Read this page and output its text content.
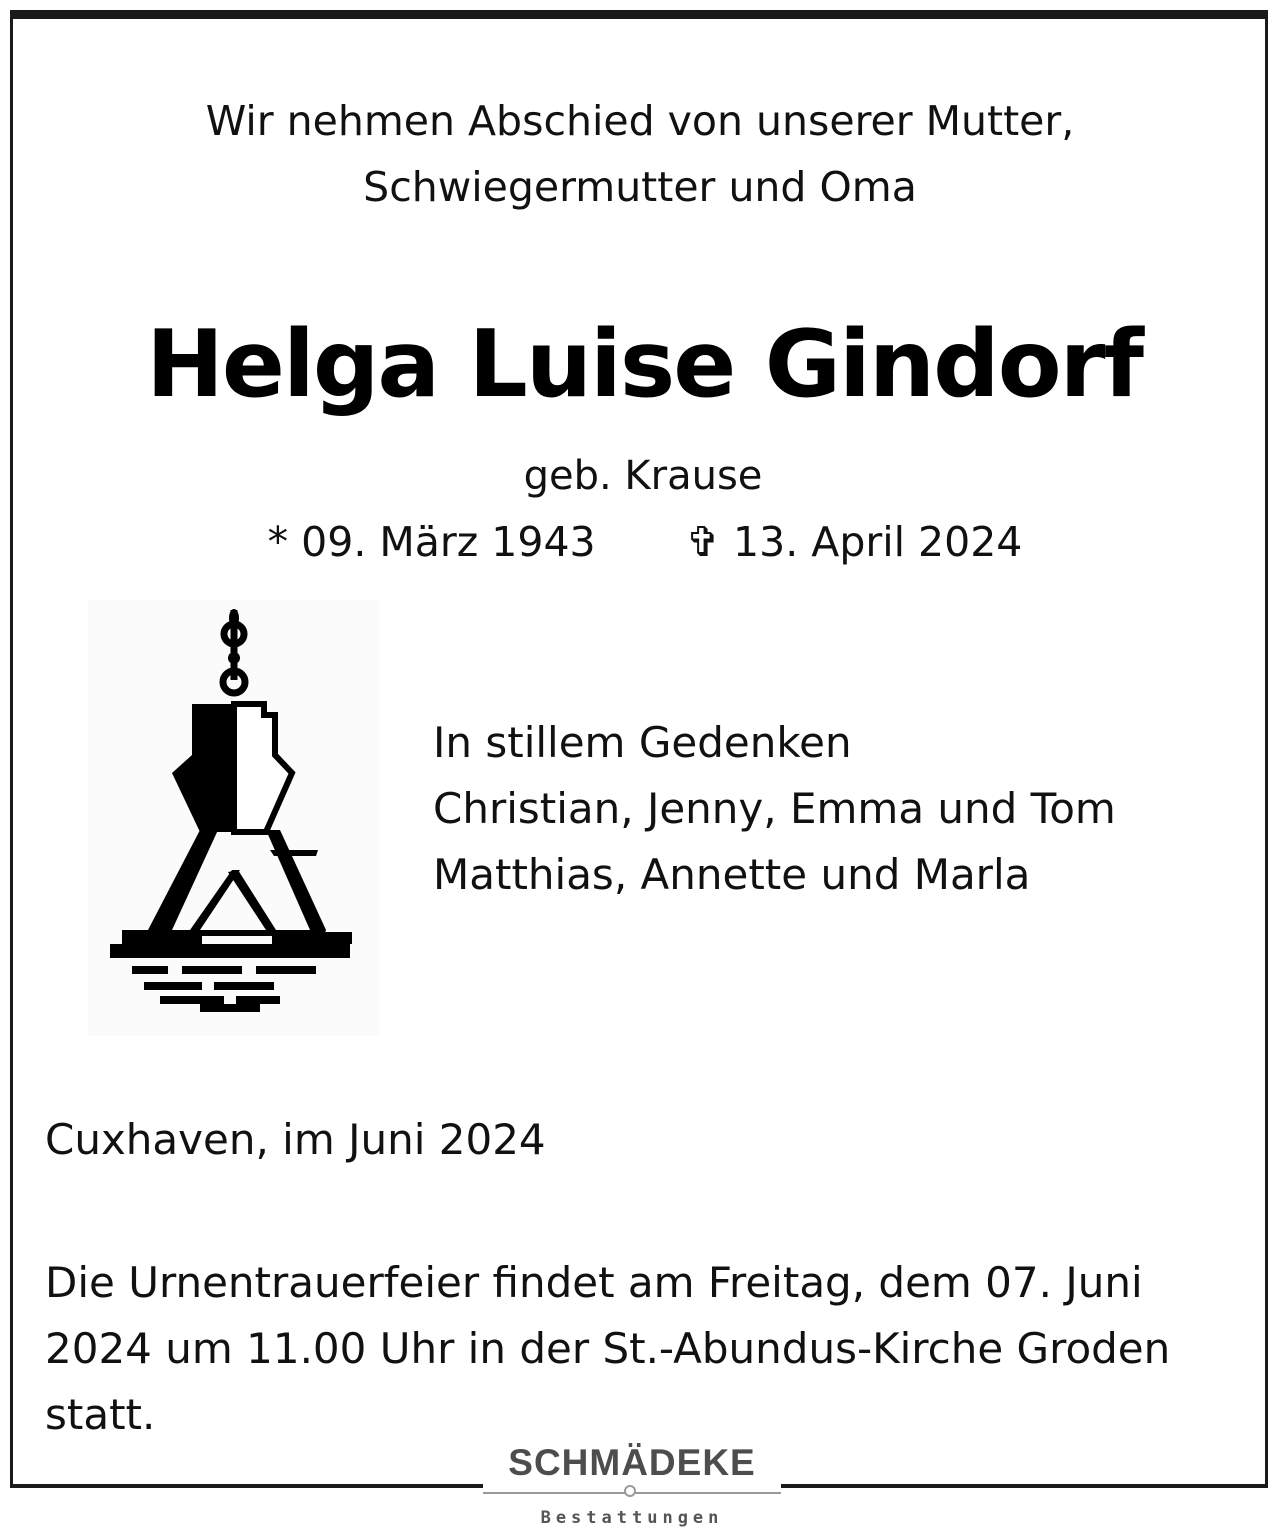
Wir nehmen Abschied von unserer Mutter,
Schwiegermutter und Oma
Helga Luise Gindorf
geb. Krause
* 09. März 1943 ✞ 13. April 2024
In stillem Gedenken
Christian, Jenny, Emma und Tom
Matthias, Annette und Marla
Cuxhaven, im Juni 2024
Die Urnentrauerfeier findet am Freitag, dem 07. Juni
2024 um 11.00 Uhr in der St.-Abundus-Kirche Groden
statt.
SCHMÄDEKE
Bestattungen
